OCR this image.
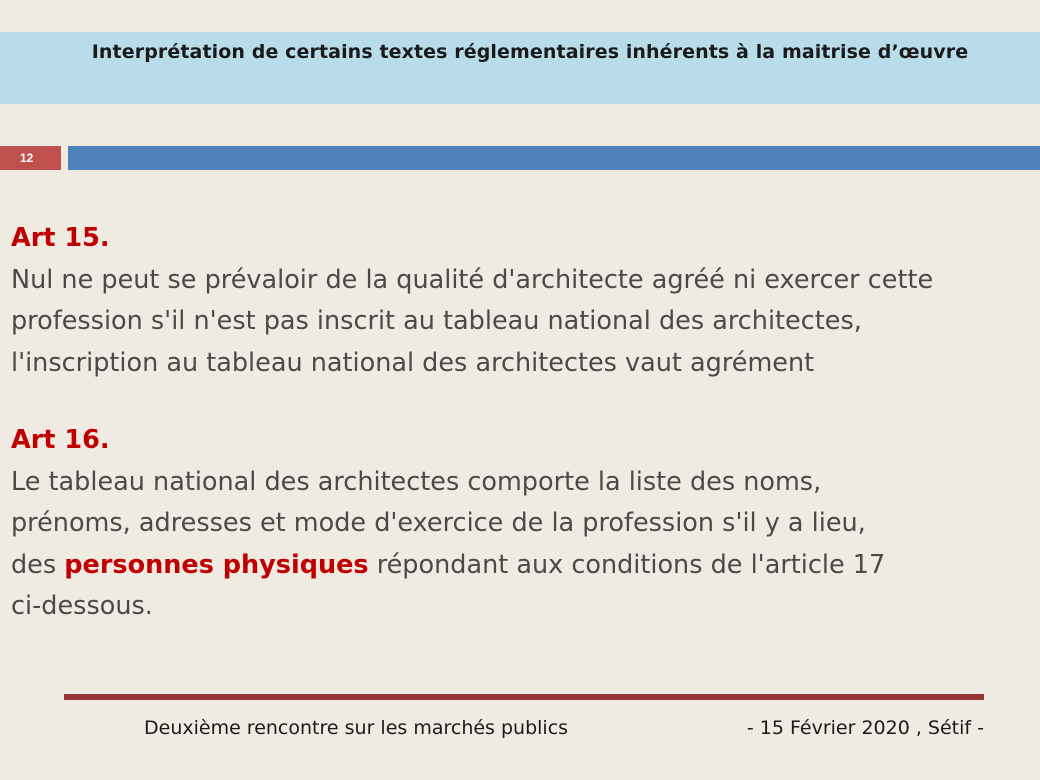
Interprétation de certains textes réglementaires inhérents à la maitrise d’œuvre
12

Art 15.

Nul ne peut se prévaloir de la qualité d'architecte agréé ni exercer cette profession s'il n'est pas inscrit au tableau national des architectes, l'inscription au tableau national des architectes vaut agrément

Art 16.

Le tableau national des architectes comporte la liste des noms, prénoms, adresses et mode d'exercice de la profession s'il y a lieu, des personnes physiques répondant aux conditions de l'article 17 ci-dessous.

Deuxième rencontre sur les marchés publics	- 15 Février 2020 , Sétif -
